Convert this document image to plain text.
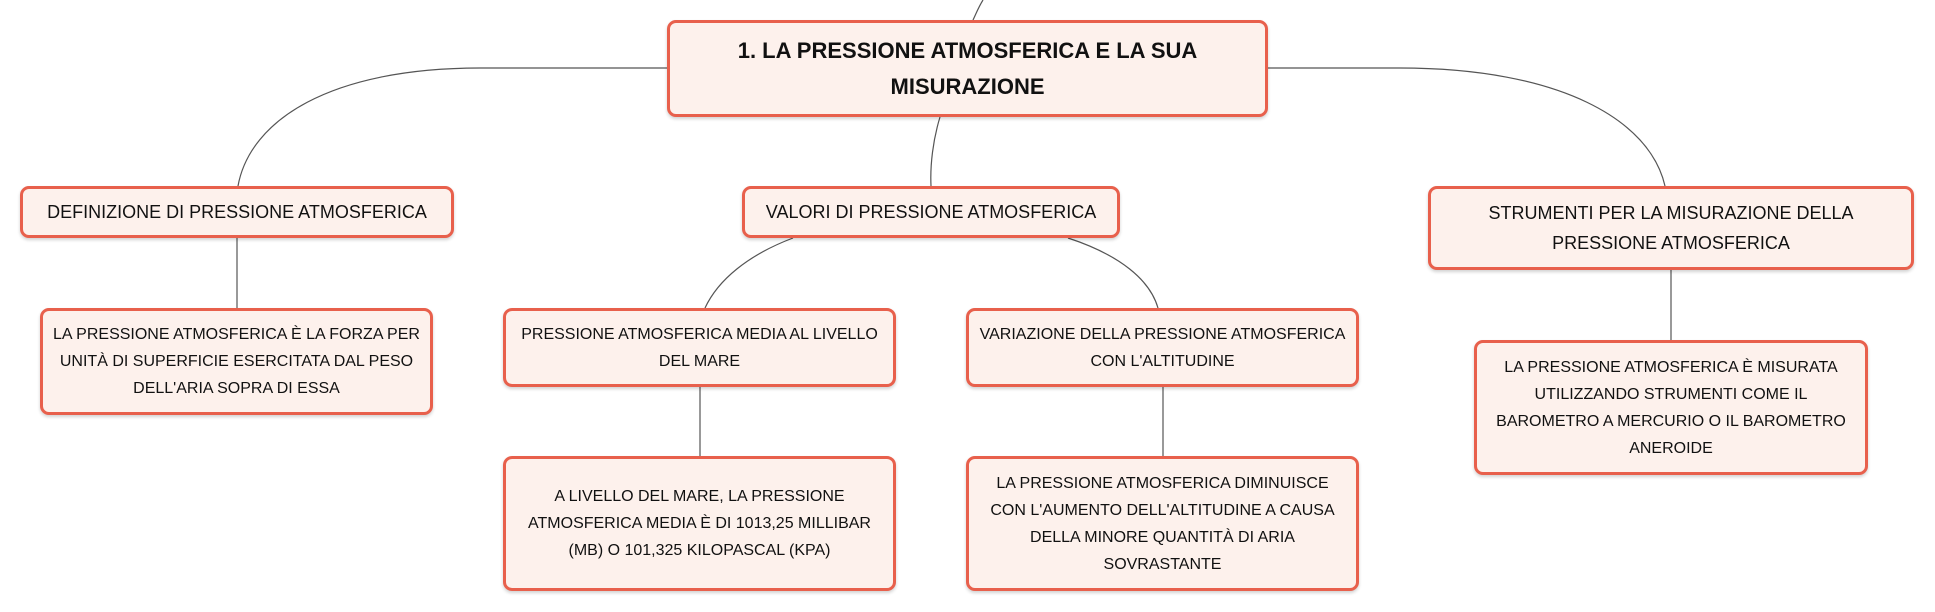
1. LA PRESSIONE ATMOSFERICA E LA SUA MISURAZIONE
DEFINIZIONE DI PRESSIONE ATMOSFERICA	VALORI DI PRESSIONE ATMOSFERICA	STRUMENTI PER LA MISURAZIONE DELLA PRESSIONE ATMOSFERICA
LA PRESSIONE ATMOSFERICA È LA FORZA PER UNITÀ DI SUPERFICIE ESERCITATA DAL PESO DELL'ARIA SOPRA DI ESSA
PRESSIONE ATMOSFERICA MEDIA AL LIVELLO DEL MARE
VARIAZIONE DELLA PRESSIONE ATMOSFERICA CON L'ALTITUDINE	LA PRESSIONE ATMOSFERICA È MISURATA UTILIZZANDO STRUMENTI COME IL BAROMETRO A MERCURIO O IL BAROMETRO ANEROIDE
A LIVELLO DEL MARE, LA PRESSIONE ATMOSFERICA MEDIA È DI 1013,25 MILLIBAR (MB) O 101,325 KILOPASCAL (KPA)
LA PRESSIONE ATMOSFERICA DIMINUISCE CON L'AUMENTO DELL'ALTITUDINE A CAUSA DELLA MINORE QUANTITÀ DI ARIA SOVRASTANTE
